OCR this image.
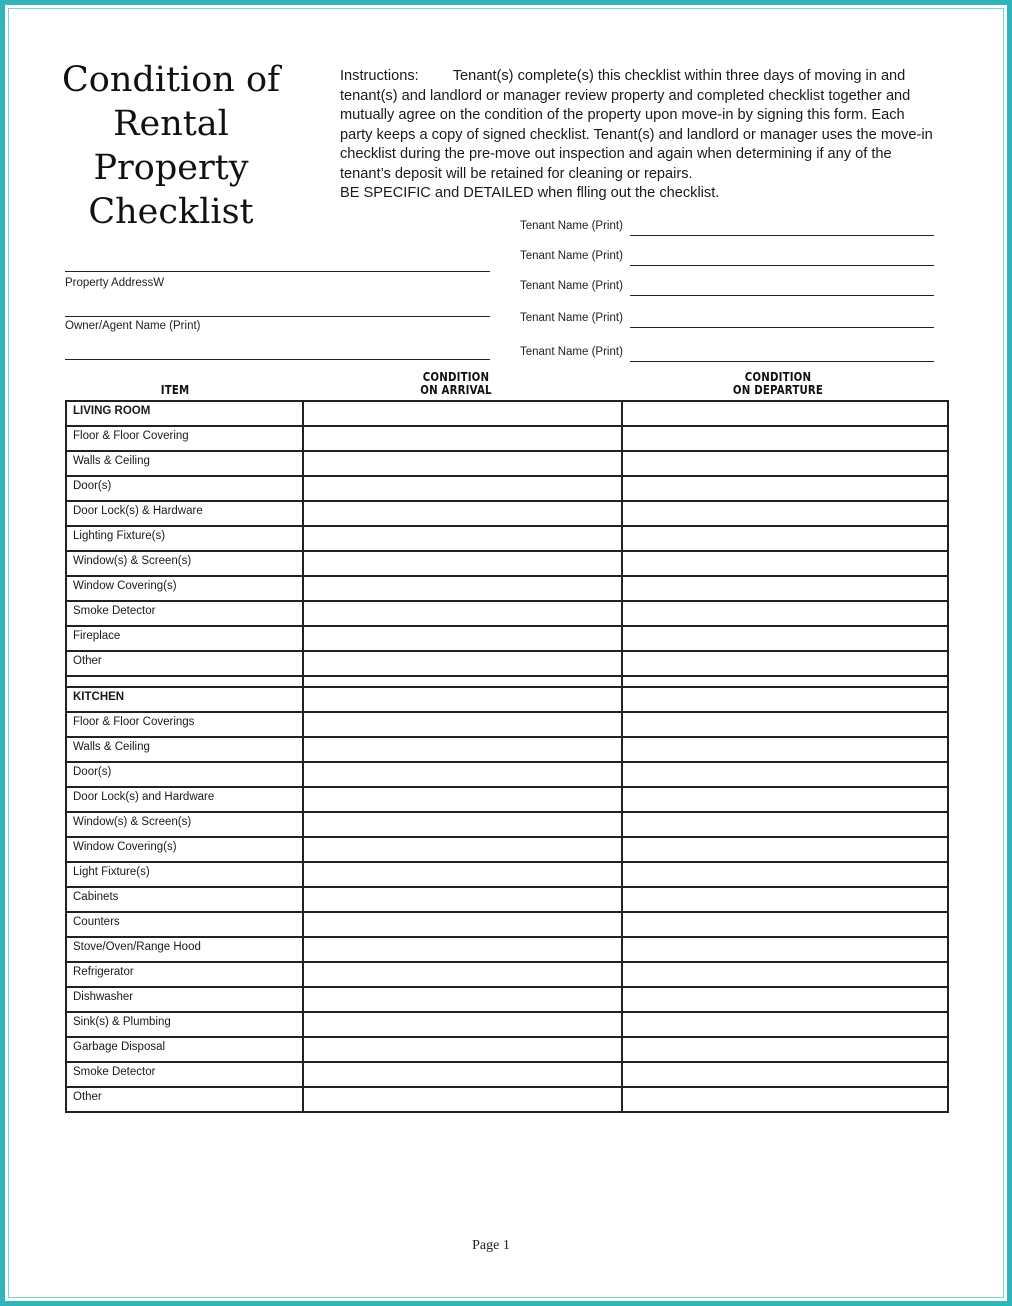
Condition of
Rental
Property
Checklist
Instructions: Tenant(s) complete(s) this checklist within three days of moving in and tenant(s) and landlord or manager review property and completed checklist together and mutually agree on the condition of the property upon move-in by signing this form. Each party keeps a copy of signed checklist. Tenant(s) and landlord or manager uses the move-in checklist during the pre-move out inspection and again when determining if any of the tenant’s deposit will be retained for cleaning or repairs.
BE SPECIFIC and DETAILED when flling out the checklist.
Property AddressW
Owner/Agent Name (Print)
Tenant Name (Print)
Tenant Name (Print)
Tenant Name (Print)
Tenant Name (Print)
Tenant Name (Print)
ITEM
CONDITION
ON ARRIVAL
CONDITION
ON DEPARTURE
LIVING ROOM		
Floor & Floor Covering		
Walls & Ceiling		
Door(s)		
Door Lock(s) & Hardware		
Lighting Fixture(s)		
Window(s) & Screen(s)		
Window Covering(s)		
Smoke Detector		
Fireplace		
Other		

KITCHEN		
Floor & Floor Coverings		
Walls & Ceiling		
Door(s)		
Door Lock(s) and Hardware		
Window(s) & Screen(s)		
Window Covering(s)		
Light Fixture(s)		
Cabinets		
Counters		
Stove/Oven/Range Hood		
Refrigerator		
Dishwasher		
Sink(s) & Plumbing		
Garbage Disposal		
Smoke Detector		
Other		
Page 1
